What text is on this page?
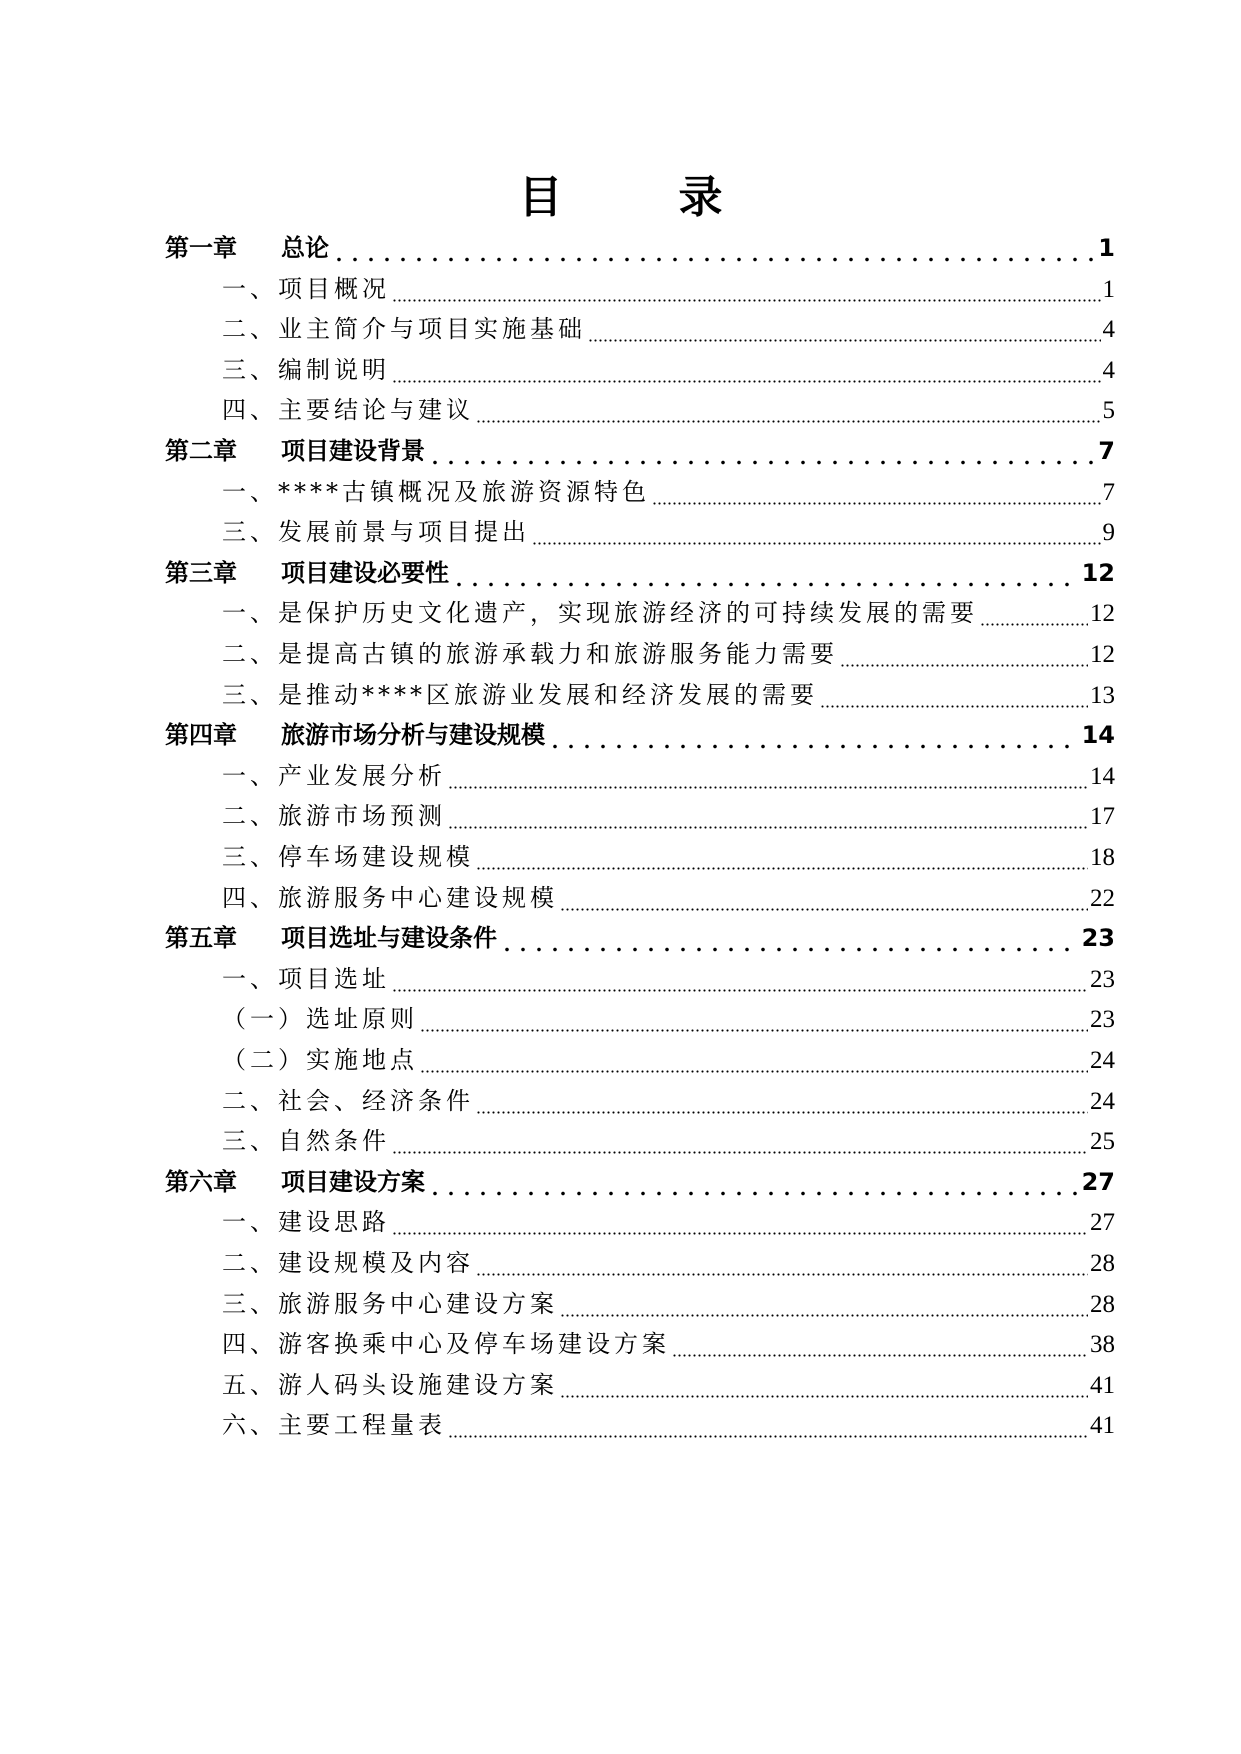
目　录
第一章	总论	1
一、项目概况	1
二、业主简介与项目实施基础	4
三、编制说明	4
四、主要结论与建议	5
第二章	项目建设背景	7
一、****古镇概况及旅游资源特色	7
三、发展前景与项目提出	9
第三章	项目建设必要性	12
一、是保护历史文化遗产，实现旅游经济的可持续发展的需要	12
二、是提高古镇的旅游承载力和旅游服务能力需要	12
三、是推动****区旅游业发展和经济发展的需要	13
第四章	旅游市场分析与建设规模	14
一、产业发展分析	14
二、旅游市场预测	17
三、停车场建设规模	18
四、旅游服务中心建设规模	22
第五章	项目选址与建设条件	23
一、项目选址	23
（一）选址原则	23
（二）实施地点	24
二、社会、经济条件	24
三、自然条件	25
第六章	项目建设方案	27
一、建设思路	27
二、建设规模及内容	28
三、旅游服务中心建设方案	28
四、游客换乘中心及停车场建设方案	38
五、游人码头设施建设方案	41
六、主要工程量表	41
